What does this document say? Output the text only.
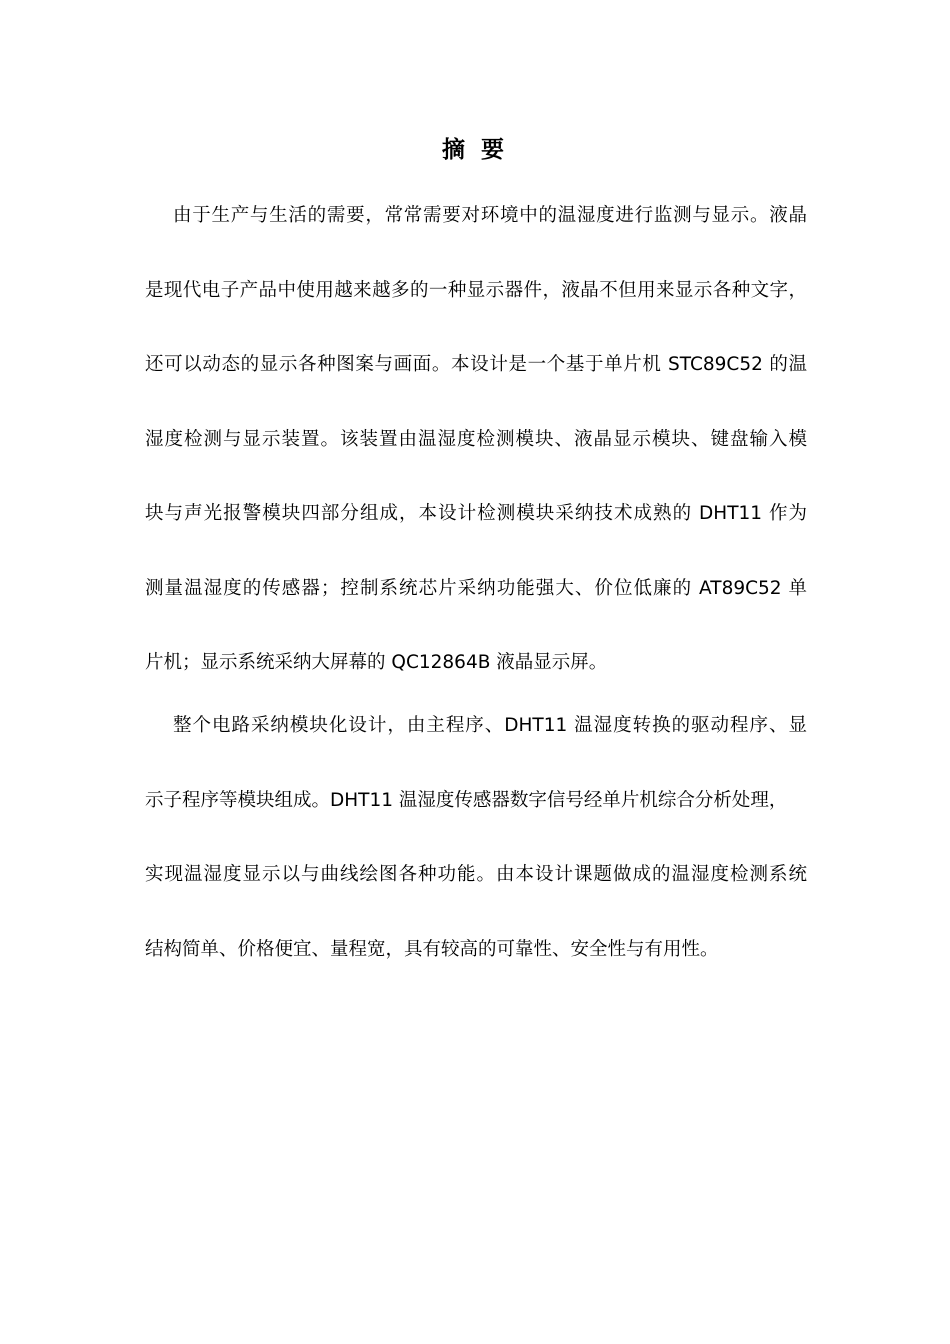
摘 要

由于生产与生活的需要，常常需要对环境中的温湿度进行监测与显示。液晶

是现代电子产品中使用越来越多的一种显示器件，液晶不但用来显示各种文字，

还可以动态的显示各种图案与画面。本设计是一个基于单片机 STC89C52 的温

湿度检测与显示装置。该装置由温湿度检测模块、液晶显示模块、键盘输入模

块与声光报警模块四部分组成，本设计检测模块采纳技术成熟的 DHT11 作为

测量温湿度的传感器；控制系统芯片采纳功能强大、价位低廉的 AT89C52 单

片机；显示系统采纳大屏幕的 QC12864B 液晶显示屏。

整个电路采纳模块化设计，由主程序、DHT11 温湿度转换的驱动程序、显

示子程序等模块组成。DHT11 温湿度传感器数字信号经单片机综合分析处理，

实现温湿度显示以与曲线绘图各种功能。由本设计课题做成的温湿度检测系统

结构简单、价格便宜、量程宽，具有较高的可靠性、安全性与有用性。
